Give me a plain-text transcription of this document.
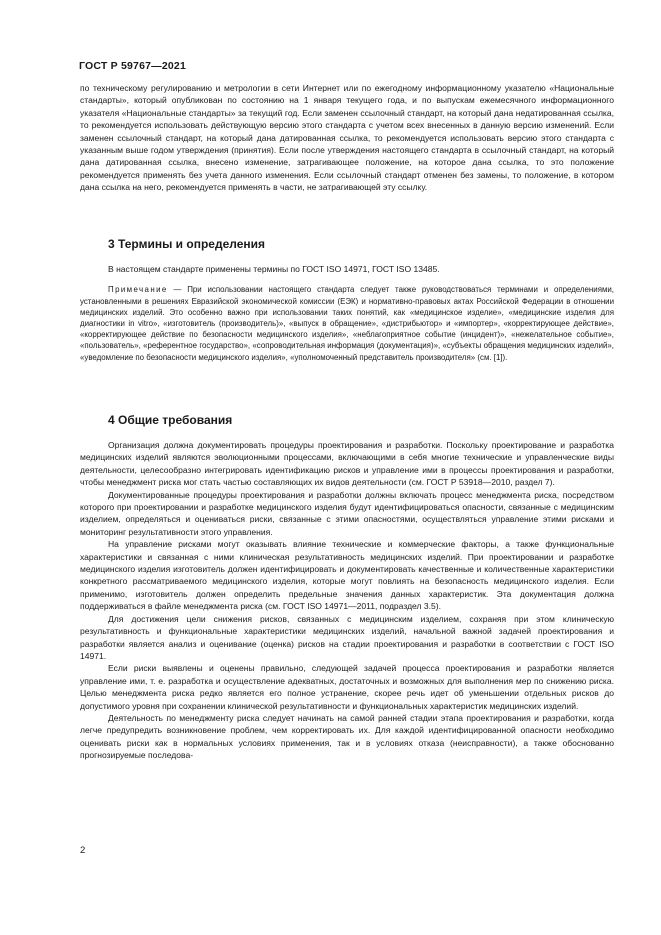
ГОСТ Р 59767—2021

по техническому регулированию и метрологии в сети Интернет или по ежегодному информационному указателю «Национальные стандарты», который опубликован по состоянию на 1 января текущего года, и по выпускам ежемесячного информационного указателя «Национальные стандарты» за текущий год. Если заменен ссылочный стандарт, на который дана недатированная ссылка, то рекомендуется использовать действующую версию этого стандарта с учетом всех внесенных в данную версию изменений. Если заменен ссылочный стандарт, на который дана датированная ссылка, то рекомендуется использовать версию этого стандарта с указанным выше годом утверждения (принятия). Если после утверждения настоящего стандарта в ссылочный стандарт, на который дана датированная ссылка, внесено изменение, затрагивающее положение, на которое дана ссылка, то это положение рекомендуется применять без учета данного изменения. Если ссылочный стандарт отменен без замены, то положение, в котором дана ссылка на него, рекомендуется применять в части, не затрагивающей эту ссылку.

3 Термины и определения

В настоящем стандарте применены термины по ГОСТ ISO 14971, ГОСТ ISO 13485.

Примечание — При использовании настоящего стандарта следует также руководствоваться терминами и определениями, установленными в решениях Евразийской экономической комиссии (ЕЭК) и нормативно-правовых актах Российской Федерации в отношении медицинских изделий. Это особенно важно при использовании таких понятий, как «медицинское изделие», «медицинские изделия для диагностики in vitro», «изготовитель (производитель)», «выпуск в обращение», «дистрибьютор» и «импортер», «корректирующее действие», «корректирующее действие по безопасности медицинского изделия», «неблагоприятное событие (инцидент)», «нежелательное событие», «пользователь», «референтное государство», «сопроводительная информация (документация)», «субъекты обращения медицинских изделий», «уведомление по безопасности медицинского изделия», «уполномоченный представитель производителя» (см. [1]).

4 Общие требования

Организация должна документировать процедуры проектирования и разработки. Поскольку проектирование и разработка медицинских изделий являются эволюционными процессами, включающими в себя многие технические и управленческие виды деятельности, целесообразно интегрировать идентификацию рисков и управление ими в процессы проектирования и разработки, чтобы менеджмент риска мог стать частью составляющих их видов деятельности (см. ГОСТ Р 53918—2010, раздел 7).

Документированные процедуры проектирования и разработки должны включать процесс менеджмента риска, посредством которого при проектировании и разработке медицинского изделия будут идентифицироваться опасности, связанные с медицинским изделием, определяться и оцениваться риски, связанные с этими опасностями, осуществляться управление этими рисками и мониторинг результативности этого управления.

На управление рисками могут оказывать влияние технические и коммерческие факторы, а также функциональные характеристики и связанная с ними клиническая результативность медицинских изделий. При проектировании и разработке медицинского изделия изготовитель должен идентифицировать и документировать качественные и количественные характеристики конкретного рассматриваемого медицинского изделия, которые могут повлиять на безопасность медицинского изделия. Если применимо, изготовитель должен определить предельные значения данных характеристик. Эта документация должна поддерживаться в файле менеджмента риска (см. ГОСТ ISO 14971—2011, подраздел 3.5).

Для достижения цели снижения рисков, связанных с медицинским изделием, сохраняя при этом клиническую результативность и функциональные характеристики медицинских изделий, начальной важной задачей проектирования и разработки является анализ и оценивание (оценка) рисков на стадии проектирования и разработки в соответствии с ГОСТ ISO 14971.

Если риски выявлены и оценены правильно, следующей задачей процесса проектирования и разработки является управление ими, т. е. разработка и осуществление адекватных, достаточных и возможных для выполнения мер по снижению риска. Целью менеджмента риска редко является его полное устранение, скорее речь идет об уменьшении отдельных рисков до допустимого уровня при сохранении клинической результативности и функциональных характеристик медицинских изделий.

Деятельность по менеджменту риска следует начинать на самой ранней стадии этапа проектирования и разработки, когда легче предупредить возникновение проблем, чем корректировать их. Для каждой идентифицированной опасности необходимо оценивать риски как в нормальных условиях применения, так и в условиях отказа (неисправности), а также обоснованно прогнозируемые последова-

2
